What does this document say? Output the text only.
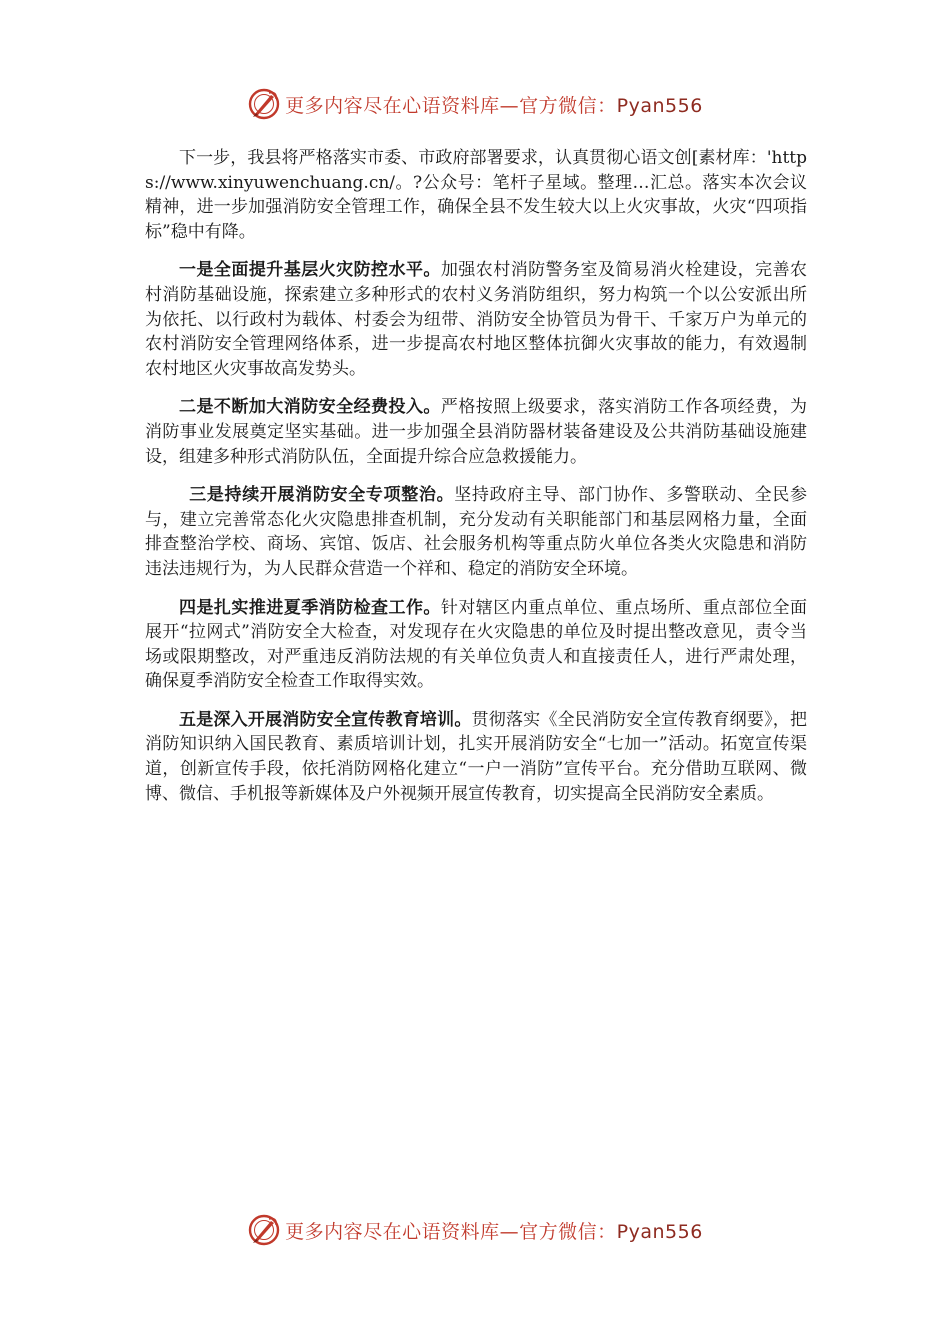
更多内容尽在心语资料库—官方微信：Pyan556

下一步，我县将严格落实市委、市政府部署要求，认真贯彻心语文创[素材库：'https://www.xinyuwenchuang.cn/。?公众号：笔杆子星域。整理…汇总。落实本次会议精神，进一步加强消防安全管理工作，确保全县不发生较大以上火灾事故，火灾“四项指标”稳中有降。

一是全面提升基层火灾防控水平。加强农村消防警务室及简易消火栓建设，完善农村消防基础设施，探索建立多种形式的农村义务消防组织，努力构筑一个以公安派出所为依托、以行政村为载体、村委会为纽带、消防安全协管员为骨干、千家万户为单元的农村消防安全管理网络体系，进一步提高农村地区整体抗御火灾事故的能力，有效遏制农村地区火灾事故高发势头。

二是不断加大消防安全经费投入。严格按照上级要求，落实消防工作各项经费，为消防事业发展奠定坚实基础。进一步加强全县消防器材装备建设及公共消防基础设施建设，组建多种形式消防队伍，全面提升综合应急救援能力。

三是持续开展消防安全专项整治。坚持政府主导、部门协作、多警联动、全民参与，建立完善常态化火灾隐患排查机制，充分发动有关职能部门和基层网格力量，全面排查整治学校、商场、宾馆、饭店、社会服务机构等重点防火单位各类火灾隐患和消防违法违规行为，为人民群众营造一个祥和、稳定的消防安全环境。

四是扎实推进夏季消防检查工作。针对辖区内重点单位、重点场所、重点部位全面展开“拉网式”消防安全大检查，对发现存在火灾隐患的单位及时提出整改意见，责令当场或限期整改，对严重违反消防法规的有关单位负责人和直接责任人，进行严肃处理，确保夏季消防安全检查工作取得实效。

五是深入开展消防安全宣传教育培训。贯彻落实《全民消防安全宣传教育纲要》，把消防知识纳入国民教育、素质培训计划，扎实开展消防安全“七加一”活动。拓宽宣传渠道，创新宣传手段，依托消防网格化建立“一户一消防”宣传平台。充分借助互联网、微博、微信、手机报等新媒体及户外视频开展宣传教育，切实提高全民消防安全素质。

更多内容尽在心语资料库—官方微信：Pyan556
